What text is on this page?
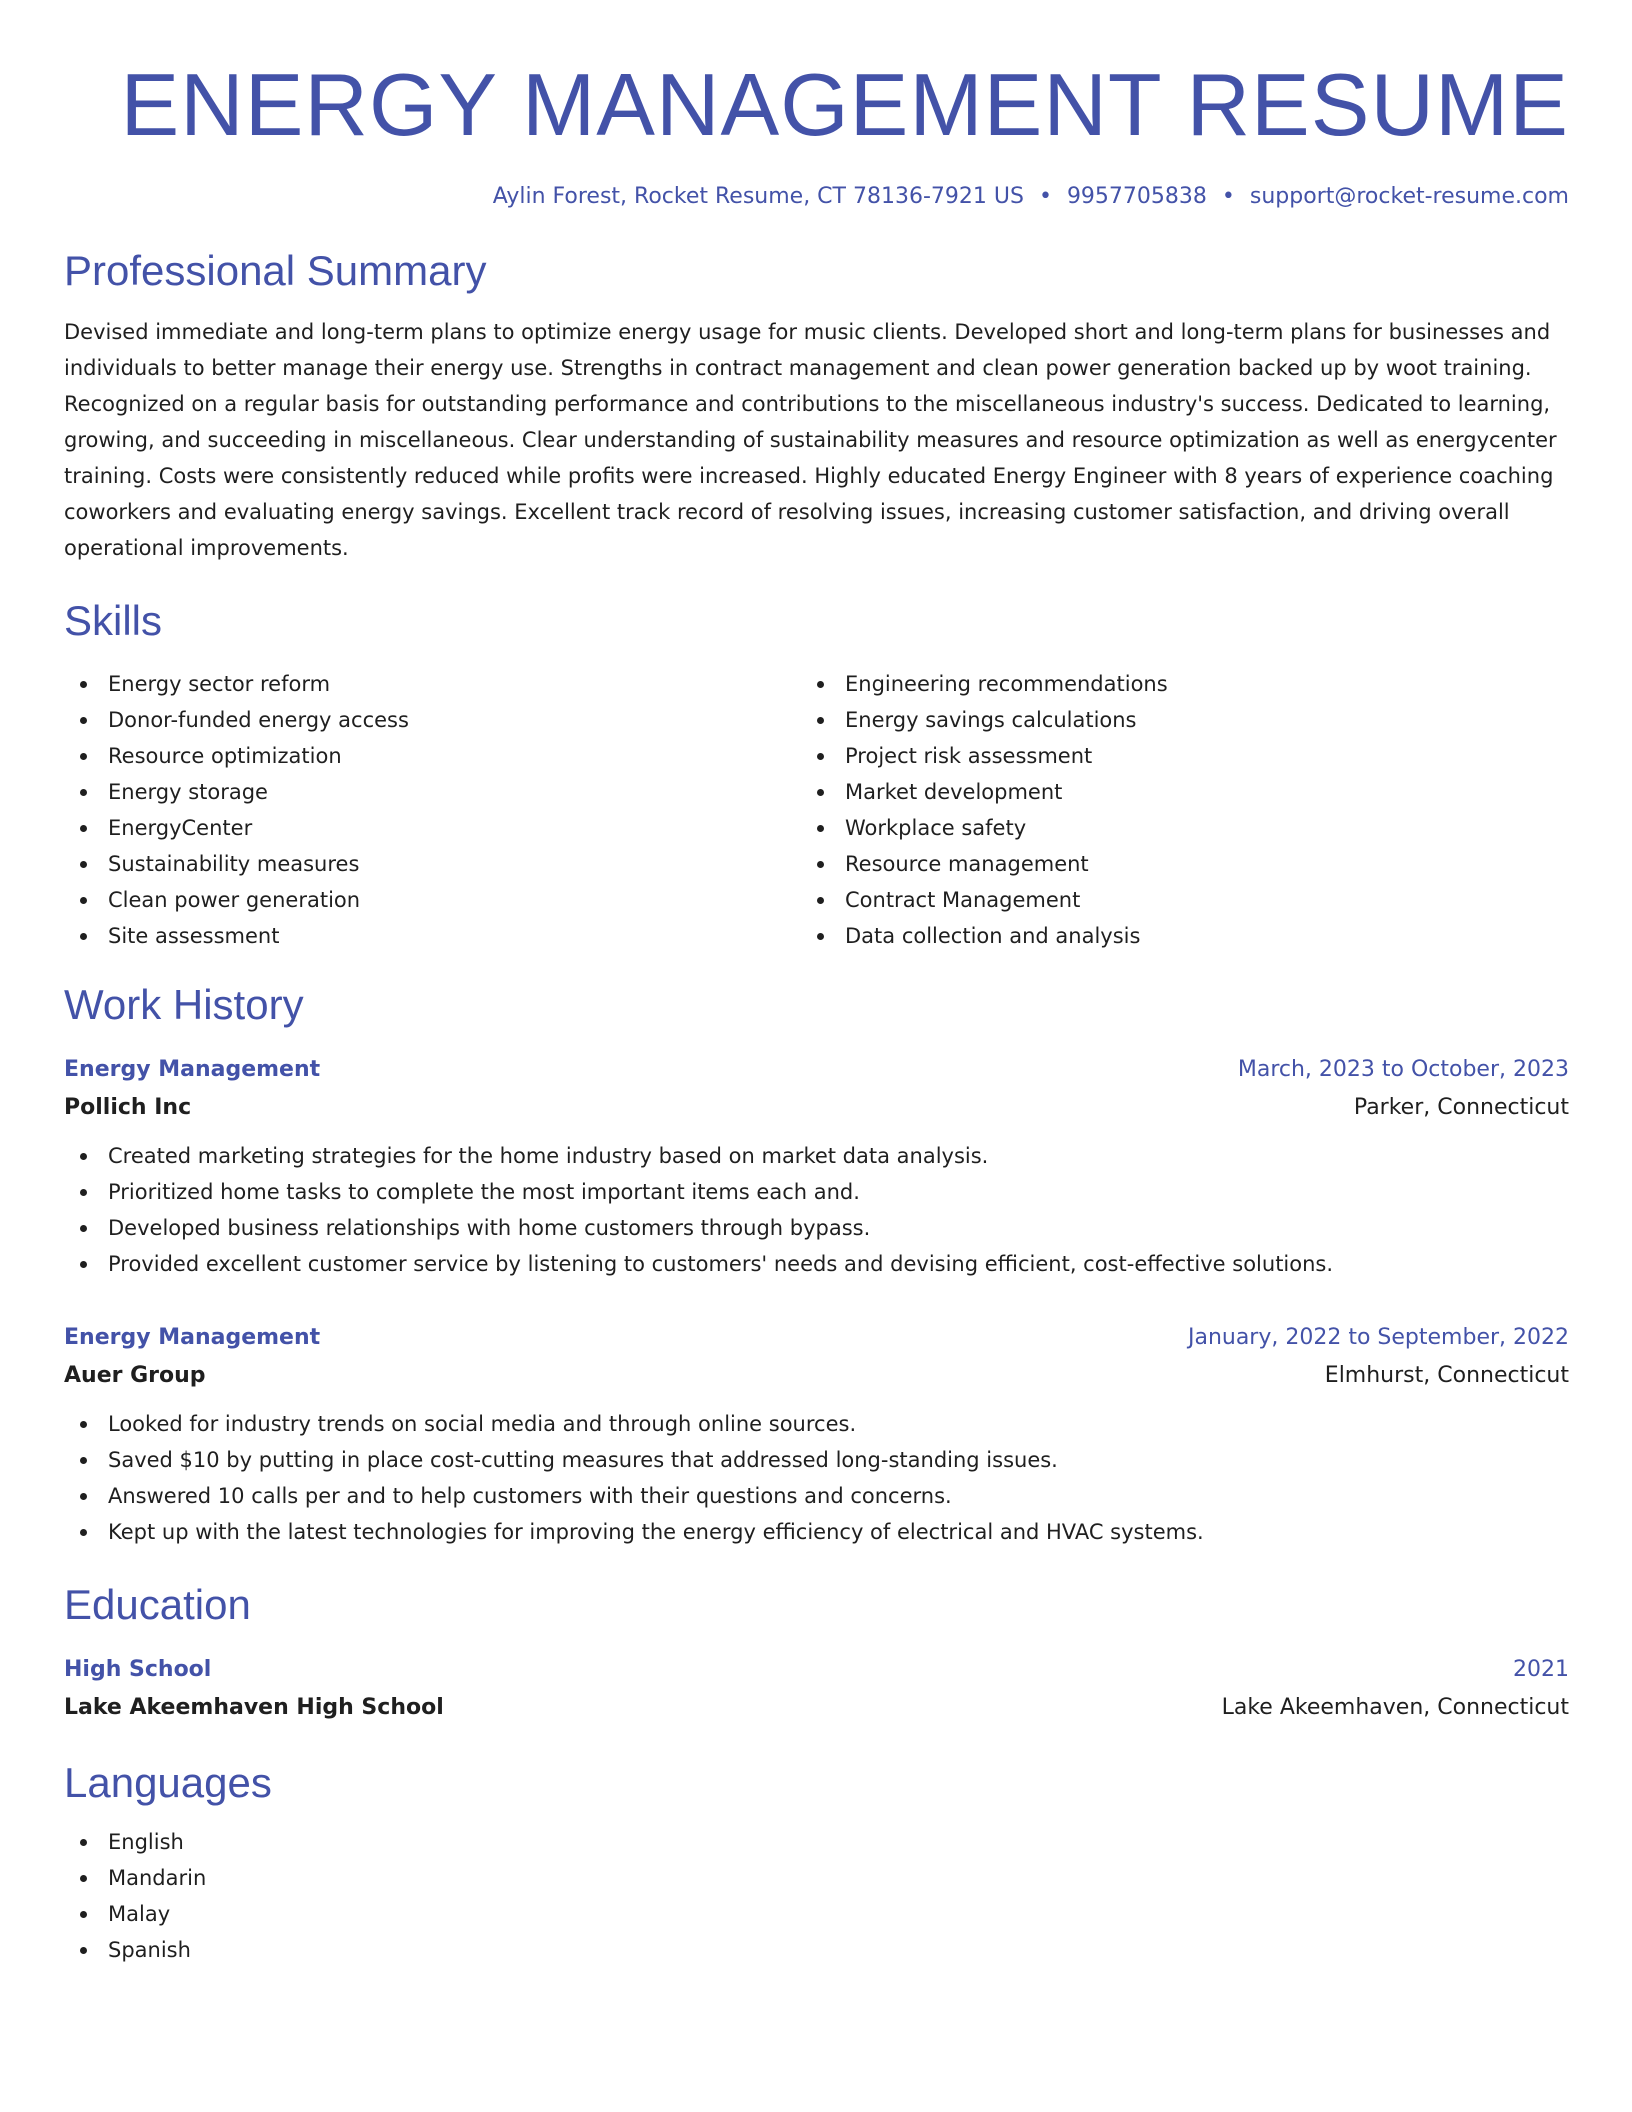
ENERGY MANAGEMENT RESUME
Aylin Forest, Rocket Resume, CT 78136-7921 US • 9957705838 • support@rocket-resume.com
Professional Summary

Devised immediate and long-term plans to optimize energy usage for music clients. Developed short and long-term plans for businesses and individuals to better manage their energy use. Strengths in contract management and clean power generation backed up by woot training. Recognized on a regular basis for outstanding performance and contributions to the miscellaneous industry's success. Dedicated to learning, growing, and succeeding in miscellaneous. Clear understanding of sustainability measures and resource optimization as well as energycenter training. Costs were consistently reduced while profits were increased. Highly educated Energy Engineer with 8 years of experience coaching coworkers and evaluating energy savings. Excellent track record of resolving issues, increasing customer satisfaction, and driving overall operational improvements.

Skills
Energy sector reform
Donor-funded energy access
Resource optimization
Energy storage
EnergyCenter
Sustainability measures
Clean power generation
Site assessment
Engineering recommendations
Energy savings calculations
Project risk assessment
Market development
Workplace safety
Resource management
Contract Management
Data collection and analysis
Work History
Energy Management	March, 2023 to October, 2023
Pollich Inc	Parker, Connecticut
Created marketing strategies for the home industry based on market data analysis.
Prioritized home tasks to complete the most important items each and.
Developed business relationships with home customers through bypass.
Provided excellent customer service by listening to customers' needs and devising efficient, cost-effective solutions.
Energy Management	January, 2022 to September, 2022
Auer Group	Elmhurst, Connecticut
Looked for industry trends on social media and through online sources.
Saved $10 by putting in place cost-cutting measures that addressed long-standing issues.
Answered 10 calls per and to help customers with their questions and concerns.
Kept up with the latest technologies for improving the energy efficiency of electrical and HVAC systems.
Education
High School	2021
Lake Akeemhaven High School	Lake Akeemhaven, Connecticut
Languages
English
Mandarin
Malay
Spanish
